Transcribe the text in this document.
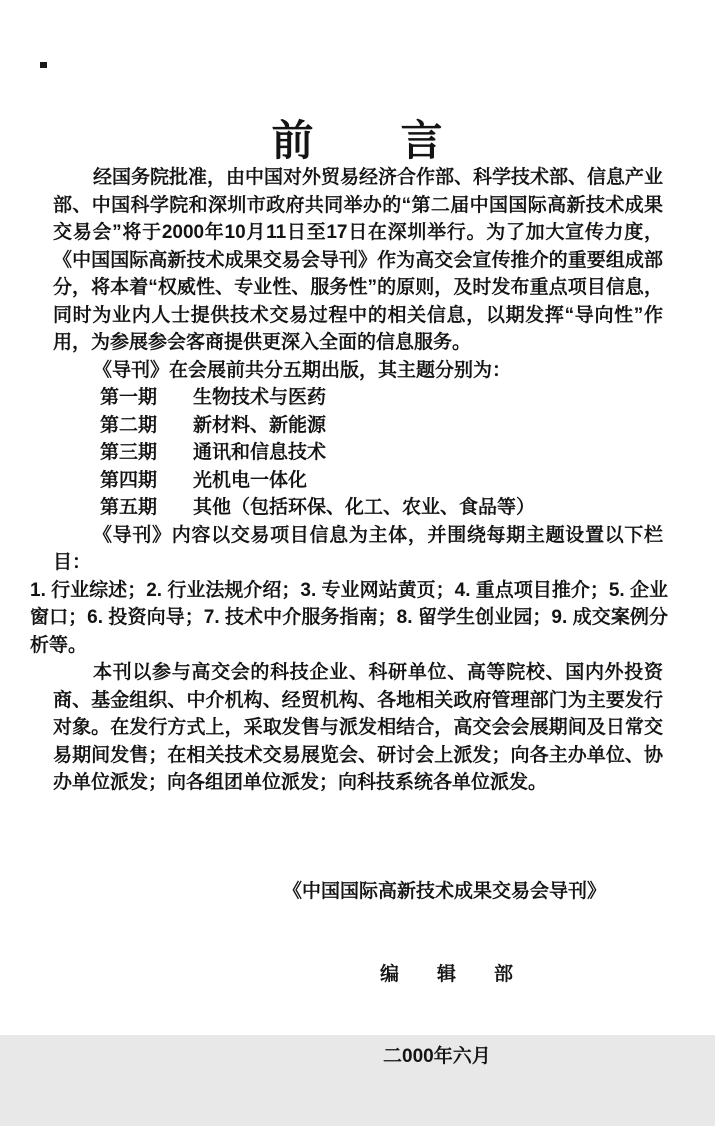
前　　言

经国务院批准，由中国对外贸易经济合作部、科学技术部、信息产业部、中国科学院和深圳市政府共同举办的“第二届中国国际高新技术成果交易会”将于2000年10月11日至17日在深圳举行。为了加大宣传力度，《中国国际高新技术成果交易会导刊》作为高交会宣传推介的重要组成部分，将本着“权威性、专业性、服务性”的原则，及时发布重点项目信息，同时为业内人士提供技术交易过程中的相关信息，以期发挥“导向性”作用，为参展参会客商提供更深入全面的信息服务。

《导刊》在会展前共分五期出版，其主题分别为：

第一期 生物技术与医药
第二期 新材料、新能源
第三期 通讯和信息技术
第四期 光机电一体化
第五期 其他（包括环保、化工、农业、食品等）

《导刊》内容以交易项目信息为主体，并围绕每期主题设置以下栏目：

1. 行业综述；2. 行业法规介绍；3. 专业网站黄页；4. 重点项目推介；5. 企业窗口；6. 投资向导；7. 技术中介服务指南；8. 留学生创业园；9. 成交案例分析等。

本刊以参与高交会的科技企业、科研单位、高等院校、国内外投资商、基金组织、中介机构、经贸机构、各地相关政府管理部门为主要发行对象。在发行方式上，采取发售与派发相结合，高交会会展期间及日常交易期间发售；在相关技术交易展览会、研讨会上派发；向各主办单位、协办单位派发；向各组团单位派发；向科技系统各单位派发。

《中国国际高新技术成果交易会导刊》

编　　辑　　部

二000年六月
